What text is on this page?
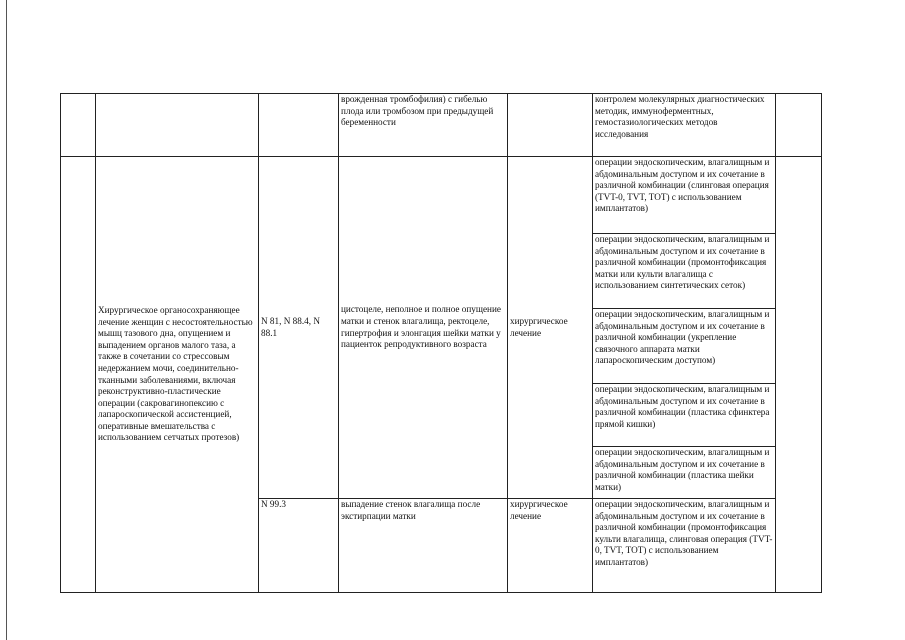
			врожденная тромбофилия) с гибелью плода или тромбозом при предыдущей беременности		контролем молекулярных диагностических методик, иммуноферментных, гемостазиологических методов исследования	

	Хирургическое органосохраняющее лечение женщин с несостоятельностью мышц тазового дна, опущением и выпадением органов малого таза, а также в сочетании со стрессовым недержанием мочи, соединительно-тканными заболеваниями, включая реконструктивно-пластические операции (сакровагинопексию с лапароскопической ассистенцией, оперативные вмешательства с использованием сетчатых протезов)	N 81, N 88.4, N 88.1	цистоцеле, неполное и полное опущение матки и стенок влагалища, ректоцеле, гипертрофия и элонгация шейки матки у пациенток репродуктивного возраста	хирургическое лечение	операции эндоскопическим, влагалищным и абдоминальным доступом и их сочетание в различной комбинации (слинговая операция (TVT-0, TVT, TOT) с использованием имплантатов)	

					операции эндоскопическим, влагалищным и абдоминальным доступом и их сочетание в различной комбинации (промонтофиксация матки или культи влагалища с использованием синтетических сеток)	

					операции эндоскопическим, влагалищным и абдоминальным доступом и их сочетание в различной комбинации (укрепление связочного аппарата матки лапароскопическим доступом)	

					операции эндоскопическим, влагалищным и абдоминальным доступом и их сочетание в различной комбинации (пластика сфинктера прямой кишки)	

					операции эндоскопическим, влагалищным и абдоминальным доступом и их сочетание в различной комбинации (пластика шейки матки)	

		N 99.3	выпадение стенок влагалища после экстирпации матки	хирургическое лечение	операции эндоскопическим, влагалищным и абдоминальным доступом и их сочетание в различной комбинации (промонтофиксация культи влагалища, слинговая операция (TVT-0, TVT, TOT) с использованием имплантатов)	
